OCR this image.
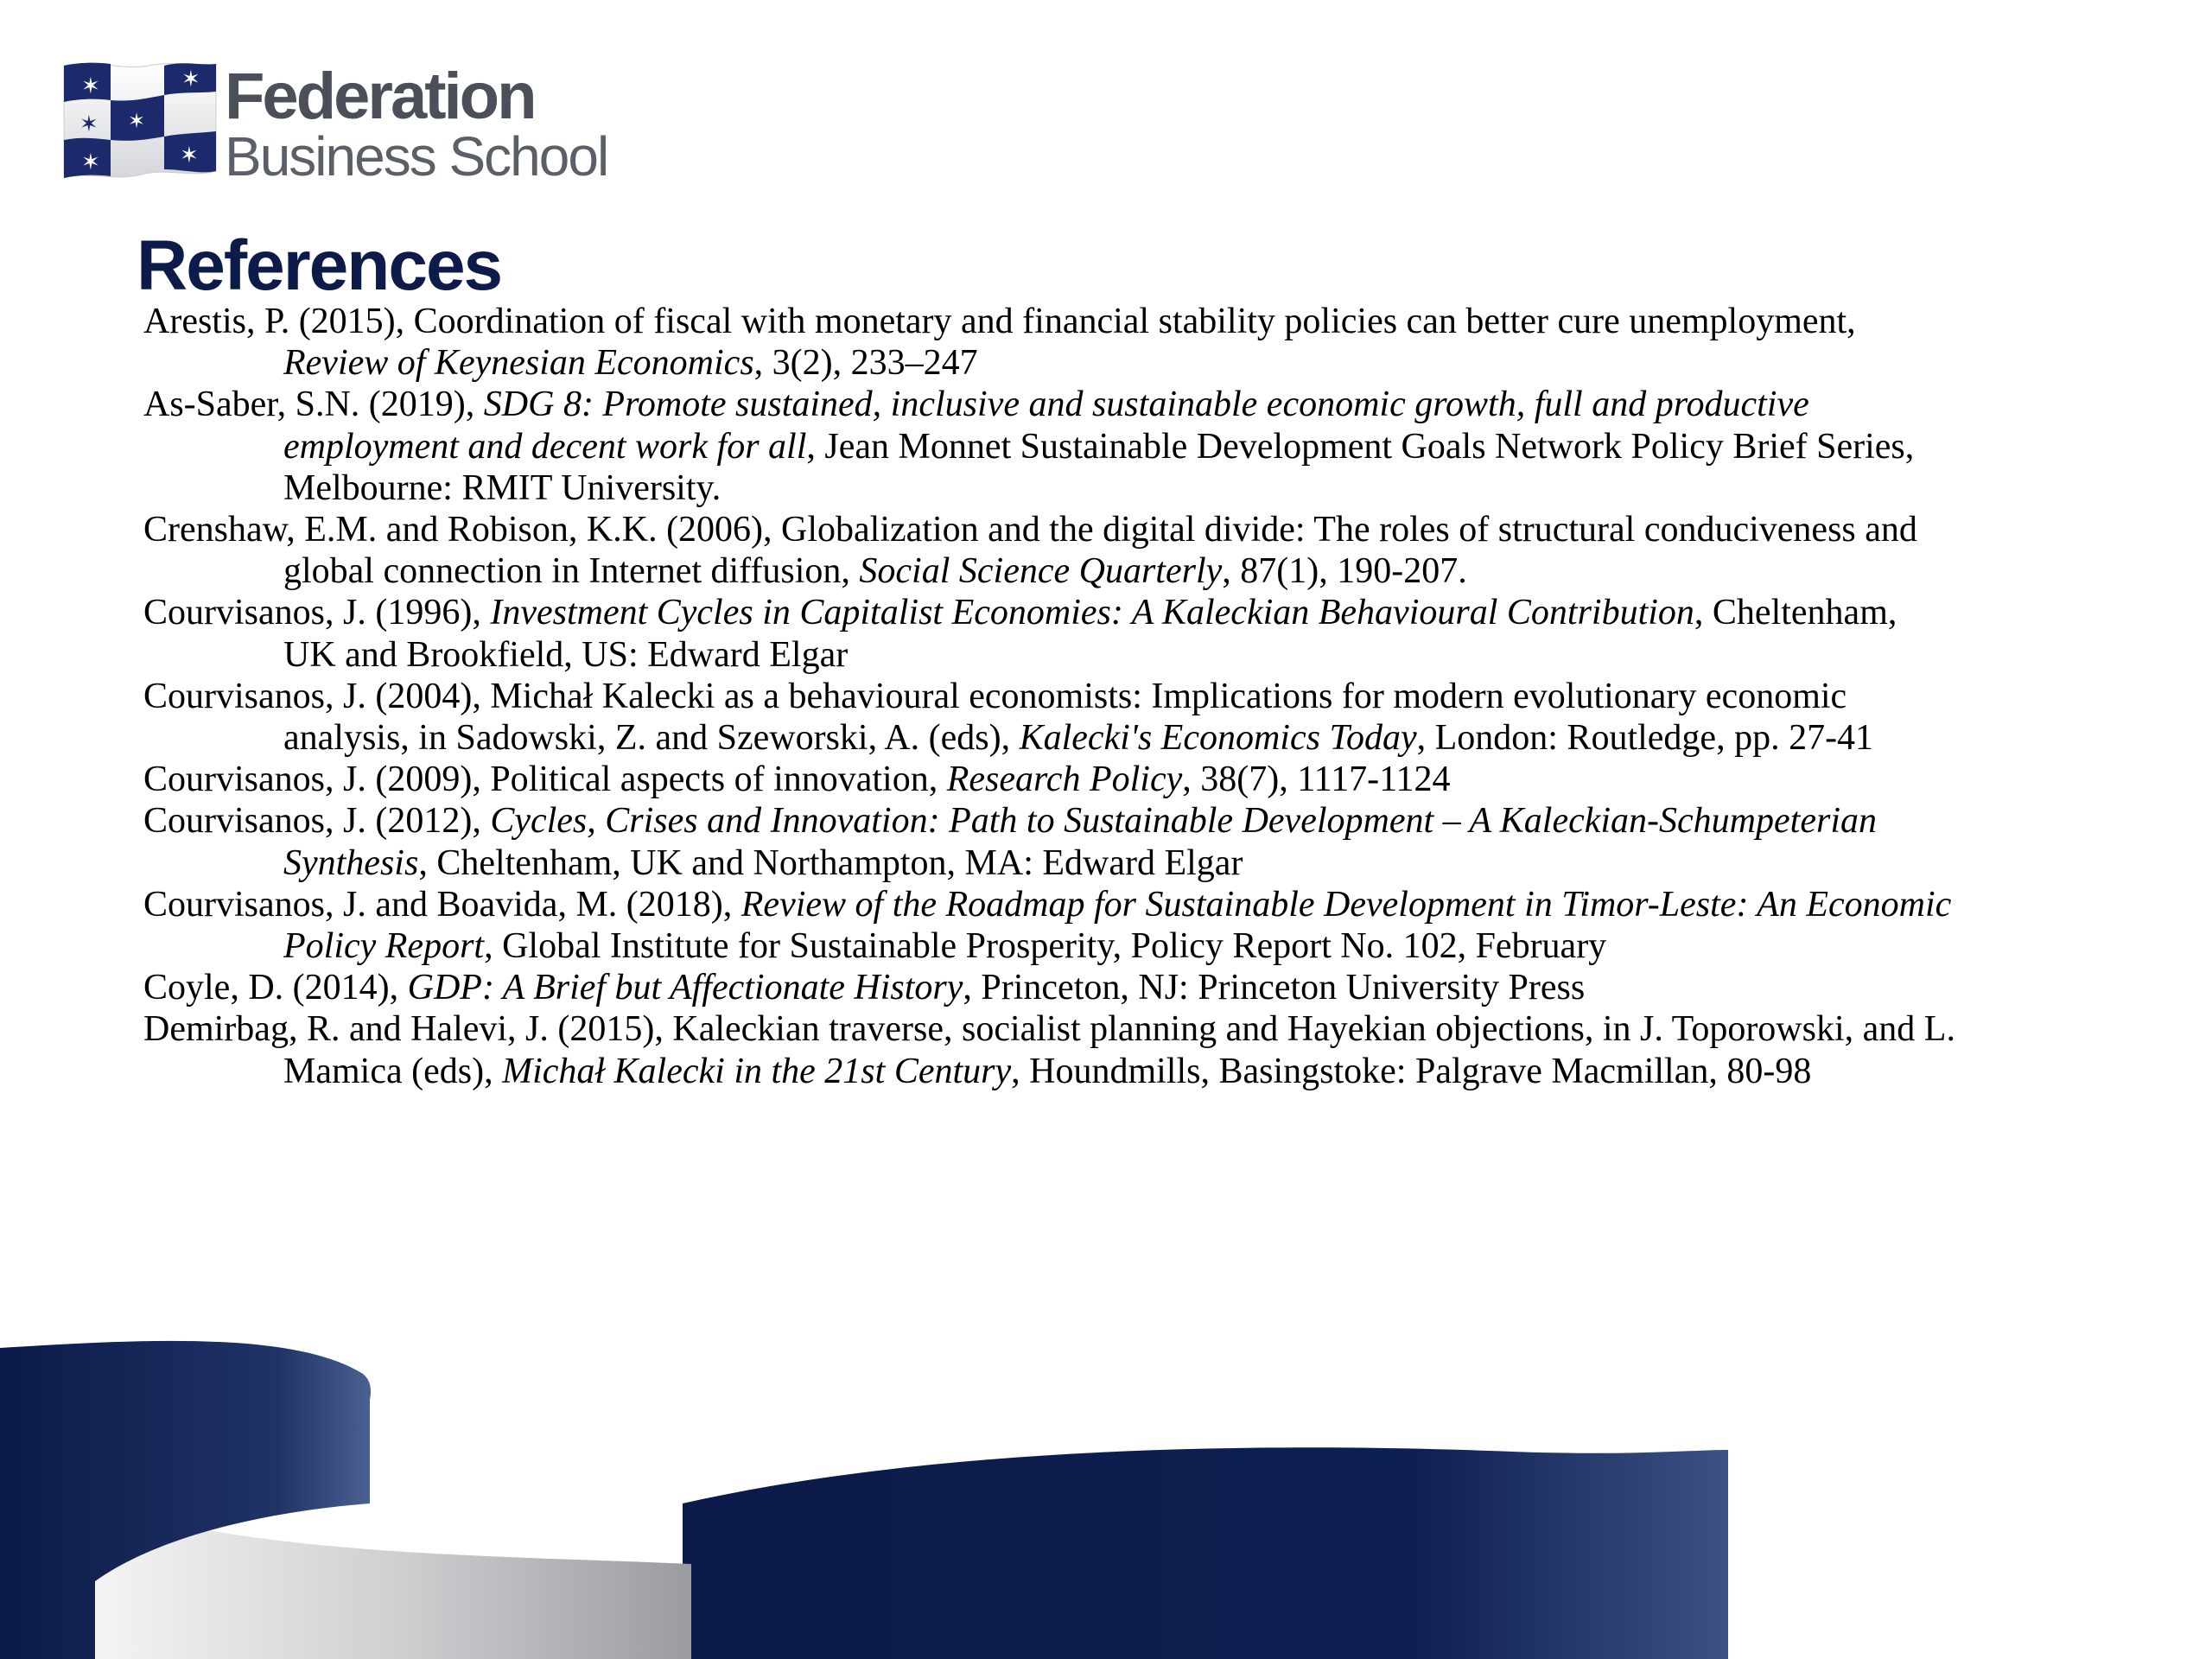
✶
✶
✶
✶
✶
✶ Federation
Business School
References

Arestis, P. (2015), Coordination of fiscal with monetary and financial stability policies can better cure unemployment, Review of Keynesian Economics, 3(2), 233–247

As-Saber, S.N. (2019), SDG 8: Promote sustained, inclusive and sustainable economic growth, full and productive employment and decent work for all, Jean Monnet Sustainable Development Goals Network Policy Brief Series, Melbourne: RMIT University.

Crenshaw, E.M. and Robison, K.K. (2006), Globalization and the digital divide: The roles of structural conduciveness and global connection in Internet diffusion, Social Science Quarterly, 87(1), 190-207.

Courvisanos, J. (1996), Investment Cycles in Capitalist Economies: A Kaleckian Behavioural Contribution, Cheltenham, UK and Brookfield, US: Edward Elgar

Courvisanos, J. (2004), Michał Kalecki as a behavioural economists: Implications for modern evolutionary economic analysis, in Sadowski, Z. and Szeworski, A. (eds), Kalecki's Economics Today, London: Routledge, pp. 27-41

Courvisanos, J. (2009), Political aspects of innovation, Research Policy, 38(7), 1117-1124

Courvisanos, J. (2012), Cycles, Crises and Innovation: Path to Sustainable Development – A Kaleckian-Schumpeterian Synthesis, Cheltenham, UK and Northampton, MA: Edward Elgar

Courvisanos, J. and Boavida, M. (2018), Review of the Roadmap for Sustainable Development in Timor-Leste: An Economic Policy Report, Global Institute for Sustainable Prosperity, Policy Report No. 102, February

Coyle, D. (2014), GDP: A Brief but Affectionate History, Princeton, NJ: Princeton University Press

Demirbag, R. and Halevi, J. (2015), Kaleckian traverse, socialist planning and Hayekian objections, in J. Toporowski, and L. Mamica (eds), Michał Kalecki in the 21st Century, Houndmills, Basingstoke: Palgrave Macmillan, 80-98
